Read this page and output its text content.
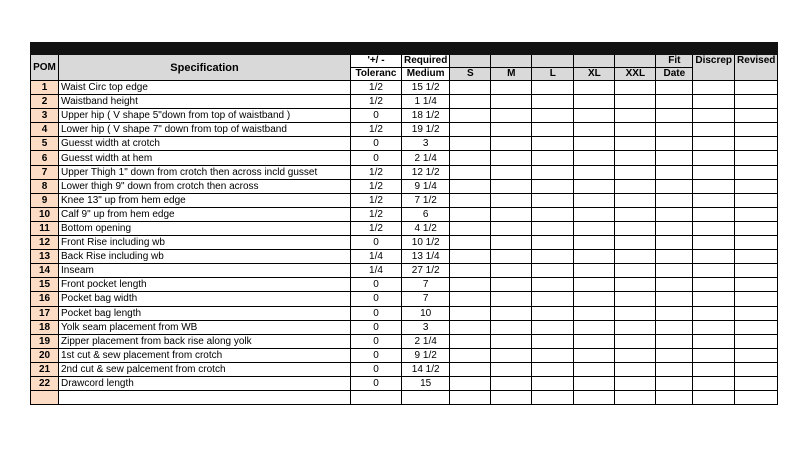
POM	Specification	'+/ -	Required						Fit	Discrep	Revised
		Toleranc	Medium	S	M	L	XL	XXL	Date		
1	Waist Circ top edge	1/2	15 1/2								
2	Waistband height	1/2	1 1/4								
3	Upper hip ( V shape 5"down from top of waistband )	0	18 1/2								
4	Lower hip ( V shape 7" down from top of waistband	1/2	19 1/2								
5	Guesst width at crotch	0	3								
6	Guesst width at hem	0	2 1/4								
7	Upper Thigh 1" down from crotch then across incld gusset	1/2	12 1/2								
8	Lower thigh 9" down from crotch then across	1/2	9 1/4								
9	Knee 13" up from hem edge	1/2	7 1/2								
10	Calf 9" up from hem edge	1/2	6								
11	Bottom opening	1/2	4 1/2								
12	Front Rise including wb	0	10 1/2								
13	Back Rise including wb	1/4	13 1/4								
14	Inseam	1/4	27 1/2								
15	Front pocket length	0	7								
16	Pocket bag width	0	7								
17	Pocket bag length	0	10								
18	Yolk seam placement from WB	0	3								
19	Zipper placement from back rise along yolk	0	2 1/4								
20	1st cut & sew placement from crotch	0	9 1/2								
21	2nd cut & sew palcement from crotch	0	14 1/2								
22	Drawcord length	0	15								
